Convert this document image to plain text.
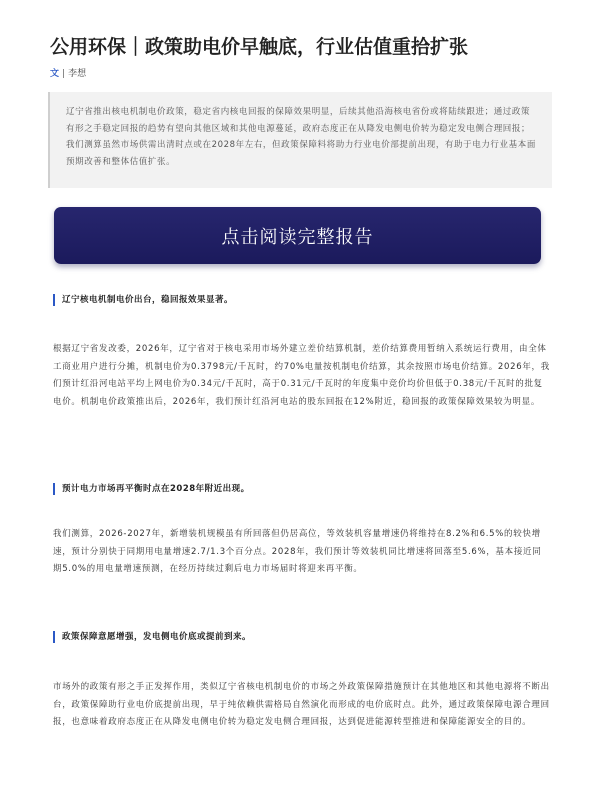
公用环保｜政策助电价早触底，行业估值重拾扩张
文 | 李想

辽宁省推出核电机制电价政策，稳定省内核电回报的保障效果明显，后续其他沿海核电省份或将陆续跟进；通过政策有形之手稳定回报的趋势有望向其他区域和其他电源蔓延，政府态度正在从降发电侧电价转为稳定发电侧合理回报；我们测算虽然市场供需出清时点或在2028年左右，但政策保障料将助力行业电价部提前出现，有助于电力行业基本面预期改善和整体估值扩张。

点击阅读完整报告
辽宁核电机制电价出台，稳回报效果显著。

根据辽宁省发改委，2026年，辽宁省对于核电采用市场外建立差价结算机制，差价结算费用暂纳入系统运行费用，由全体工商业用户进行分摊，机制电价为0.3798元/千瓦时，约70%电量按机制电价结算，其余按照市场电价结算。2026年，我们预计红沿河电站平均上网电价为0.34元/千瓦时，高于0.31元/千瓦时的年度集中竞价均价但低于0.38元/千瓦时的批复电价。机制电价政策推出后，2026年，我们预计红沿河电站的股东回报在12%附近，稳回报的政策保障效果较为明显。

预计电力市场再平衡时点在2028年附近出现。

我们测算，2026-2027年，新增装机规模虽有所回落但仍居高位，等效装机容量增速仍将维持在8.2%和6.5%的较快增速，预计分别快于同期用电量增速2.7/1.3个百分点。2028年，我们预计等效装机同比增速将回落至5.6%，基本接近同期5.0%的用电量增速预测，在经历持续过剩后电力市场届时将迎来再平衡。

政策保障意愿增强，发电侧电价底或提前到来。

市场外的政策有形之手正发挥作用，类似辽宁省核电机制电价的市场之外政策保障措施预计在其他地区和其他电源将不断出台，政策保障助行业电价底提前出现，早于纯依赖供需格局自然演化而形成的电价底时点。此外，通过政策保障电源合理回报，也意味着政府态度正在从降发电侧电价转为稳定发电侧合理回报，达到促进能源转型推进和保障能源安全的目的。
